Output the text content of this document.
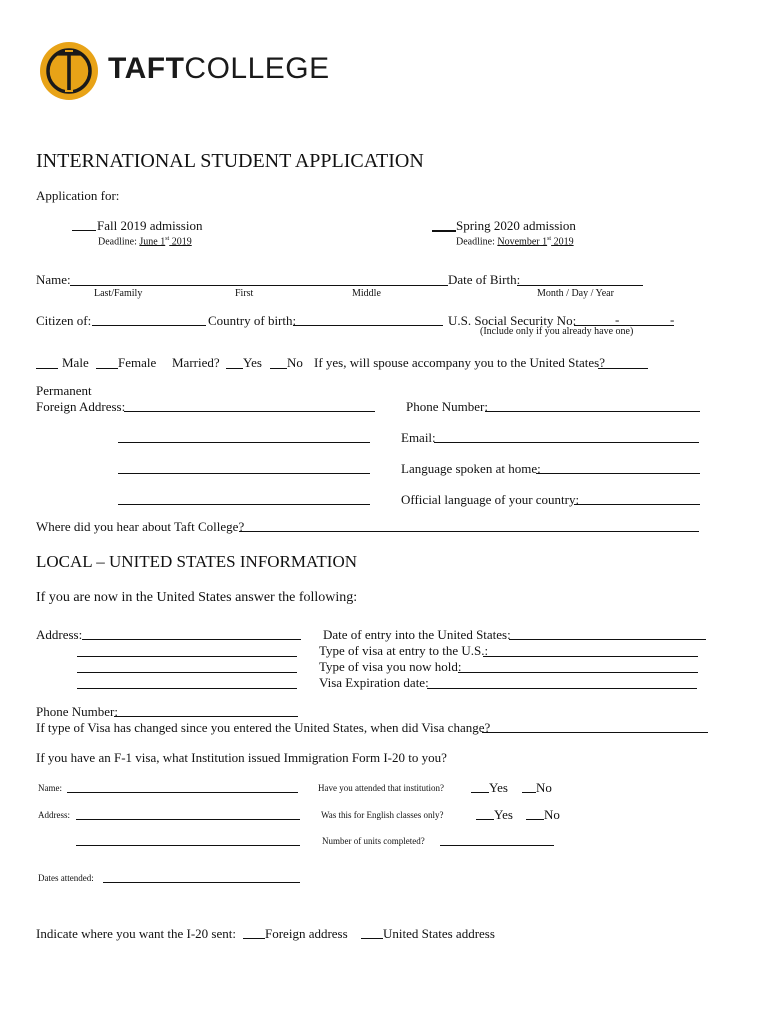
TAFTCOLLEGE
INTERNATIONAL STUDENT APPLICATION
Application for:
Fall 2019 admission
Deadline: June 1st 2019
Spring 2020 admission
Deadline: November 1st 2019
Name:	Date of Birth:
Last/Family	First	Middle	Month / Day / Year
Citizen of:	Country of birth:	U.S. Social Security No:	-	-
(Include only if you already have one)
Male Female Married? Yes No If yes, will spouse accompany you to the United States?
Permanent
Foreign Address:	Phone Number:
Email:
Language spoken at home:
Official language of your country:
Where did you hear about Taft College?
LOCAL – UNITED STATES INFORMATION
If you are now in the United States answer the following:
Address:	Date of entry into the United States:
Type of visa at entry to the U.S.:
Type of visa you now hold:
Visa Expiration date:
Phone Number:
If type of Visa has changed since you entered the United States, when did Visa change?
If you have an F-1 visa, what Institution issued Immigration Form I-20 to you?
Name:	Have you attended that institution?	Yes No
Address:	Was this for English classes only?	Yes No
Number of units completed?
Dates attended:
Indicate where you want the I-20 sent: Foreign address	United States address
